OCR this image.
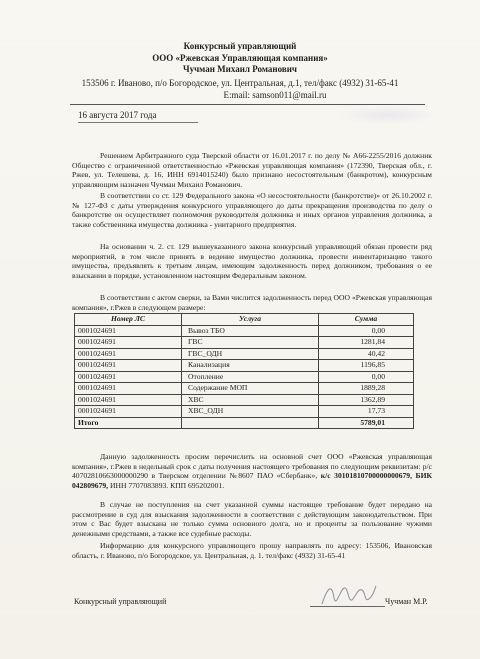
Конкурсный управляющий
ООО «Ржевская Управляющая компания»
Чучман Михаил Романович
153506 г. Иваново, п/о Богородское, ул. Центральная, д.1, тел/факс (4932) 31-65-41
E:mail: samson011@mail.ru
16 августа 2017 года
Решением Арбитражного суда Тверской области от 16.01.2017 г. по делу № А66-2255/2016 должник Общество с ограниченной ответственностью «Ржевская управляющая компания» (172390, Тверская обл., г. Ржев, ул. Телешева, д. 16, ИНН 6914015240) было признано несостоятельным (банкротом), конкурсным управляющим назначен Чучман Михаил Романович.
В соответствии со ст. 129 Федерального закона «О несостоятельности (банкротстве)» от 26.10.2002 г. № 127-ФЗ с даты утверждения конкурсного управляющего до даты прекращения производства по делу о банкротстве он осуществляет полномочия руководителя должника и иных органов управления должника, а также собственника имущества должника - унитарного предприятия.
На основании ч. 2. ст. 129 вышеуказанного закона конкурсный управляющий обязан провести ряд мероприятий, в том числе принять в ведение имущество должника, провести инвентаризацию такого имущества, предъявлять к третьим лицам, имеющим задолженность перед должником, требования о ее взыскании в порядке, установленном настоящим Федеральным законом.
В соответствии с актом сверки, за Вами числится задолженность перед ООО «Ржевская управляющая компания», г.Ржев в следующем размере:
Номер ЛС	Услуга	Сумма
0001024691	Вывоз ТБО	0,00
0001024691	ГВС	1281,84
0001024691	ГВС_ОДН	40,42
0001024691	Канализация	1196,85
0001024691	Отопление	0,00
0001024691	Содержание МОП	1889,28
0001024691	ХВС	1362,89
0001024691	ХВС_ОДН	17,73
Итого		5789,01
Данную задолженность просим перечислить на основной счет ООО «Ржевская управляющая компания», г.Ржев в недельный срок с даты получения настоящего требования по следующим реквизитам: р/с 40702810663000000290 в Тверском отделении №8607 ПАО «Сбербанк», к/с 30101810700000000679, БИК 042809679, ИНН 7707083893. КПП 695202001.
В случае не поступления на счет указанной суммы настоящее требование будет передано на рассмотрение в суд для взыскания задолженности в соответствии с действующим законодательством. При этом с Вас будет взыскана не только сумма основного долга, но и проценты за пользование чужими денежными средствами, а также все судебные расходы.
Информацию для конкурсного управляющего прошу направлять по адресу: 153506, Ивановская область, г. Иваново, п/о Богородское, ул. Центральная, д. 1. тел/факс (4932) 31-65-41
Конкурсный управляющий	Чучман М.Р.
